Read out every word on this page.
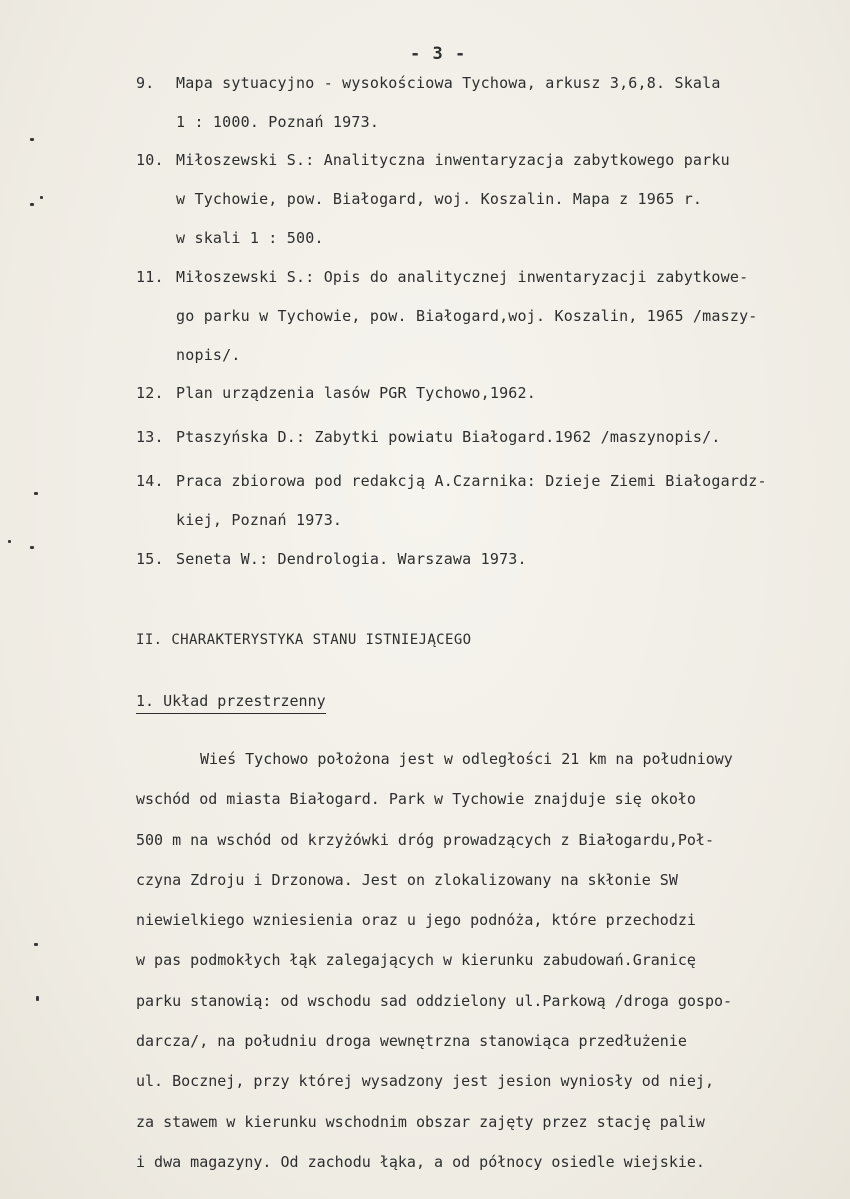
- 3 -
9.	Mapa sytuacyjno - wysokościowa Tychowa, arkusz 3,6,8. Skala
1 : 1000. Poznań 1973.
10. Miłoszewski S.: Analityczna inwentaryzacja zabytkowego parku
w Tychowie, pow. Białogard, woj. Koszalin. Mapa z 1965 r.
w skali 1 : 500.
11. Miłoszewski S.: Opis do analitycznej inwentaryzacji zabytkowe-
go parku w Tychowie, pow. Białogard,woj. Koszalin, 1965 /maszy-
nopis/.
12. Plan urządzenia lasów PGR Tychowo,1962.
13. Ptaszyńska D.: Zabytki powiatu Białogard.1962 /maszynopis/.
14. Praca zbiorowa pod redakcją A.Czarnika: Dzieje Ziemi Białogardz-
kiej, Poznań 1973.
15. Seneta W.: Dendrologia. Warszawa 1973.
II. CHARAKTERYSTYKA STANU ISTNIEJĄCEGO
1. Układ przestrzenny
Wieś Tychowo położona jest w odległości 21 km na południowy
wschód od miasta Białogard. Park w Tychowie znajduje się około
500 m na wschód od krzyżówki dróg prowadzących z Białogardu,Poł-
czyna Zdroju i Drzonowa. Jest on zlokalizowany na skłonie SW
niewielkiego wzniesienia oraz u jego podnóża, które przechodzi
w pas podmokłych łąk zalegających w kierunku zabudowań.Granicę
parku stanowią: od wschodu sad oddzielony ul.Parkową /droga gospo-
darcza/, na południu droga wewnętrzna stanowiąca przedłużenie
ul. Bocznej, przy której wysadzony jest jesion wyniosły od niej,
za stawem w kierunku wschodnim obszar zajęty przez stację paliw
i dwa magazyny. Od zachodu łąka, a od północy osiedle wiejskie.
